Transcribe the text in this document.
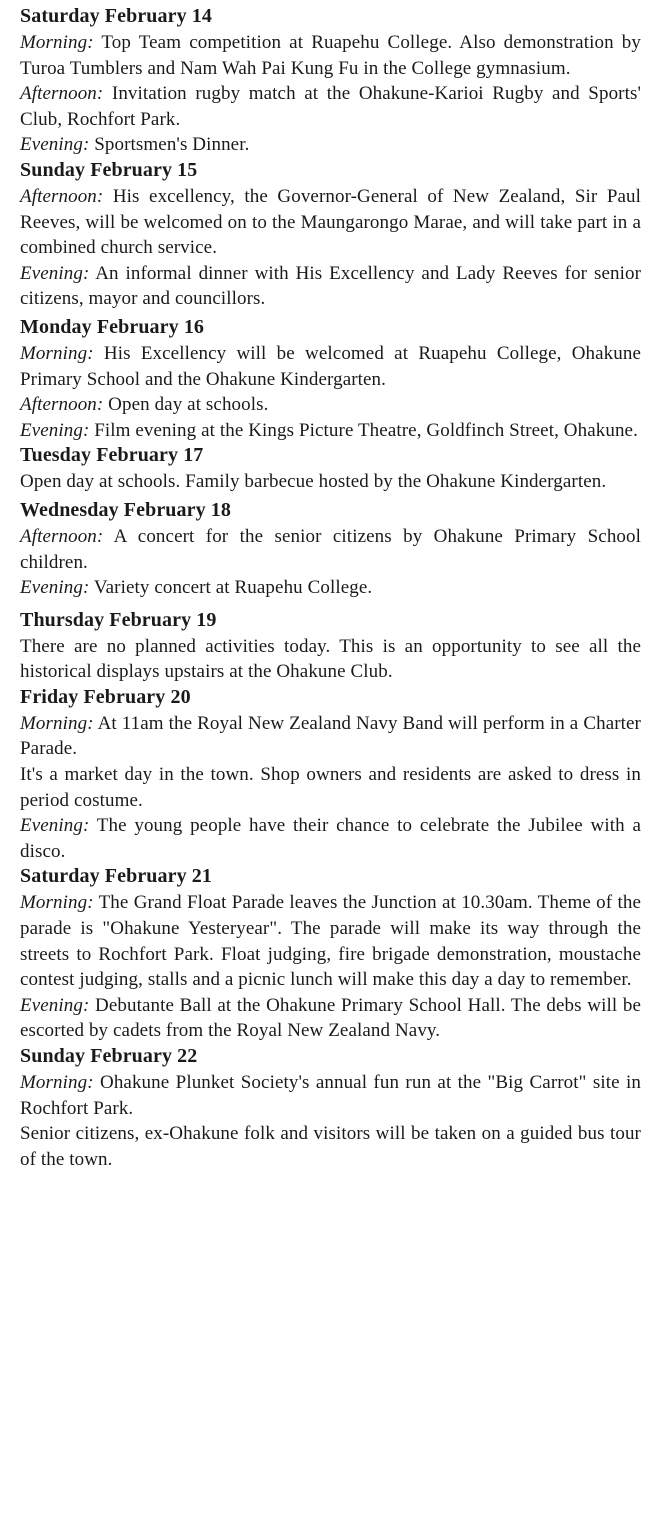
Saturday February 14

Morning: Top Team competition at Ruapehu College. Also demonstration by Turoa Tumblers and Nam Wah Pai Kung Fu in the College gymnasium.

Afternoon: Invitation rugby match at the Ohakune-Karioi Rugby and Sports' Club, Rochfort Park.

Evening: Sportsmen's Dinner.

Sunday February 15

Afternoon: His excellency, the Governor-General of New Zealand, Sir Paul Reeves, will be welcomed on to the Maungarongo Marae, and will take part in a combined church service.

Evening: An informal dinner with His Excellency and Lady Reeves for senior citizens, mayor and councillors.

Monday February 16

Morning: His Excellency will be welcomed at Ruapehu College, Ohakune Primary School and the Ohakune Kindergarten.

Afternoon: Open day at schools.

Evening: Film evening at the Kings Picture Theatre, Goldfinch Street, Ohakune.

Tuesday February 17

Open day at schools. Family barbecue hosted by the Ohakune Kindergarten.

Wednesday February 18

Afternoon: A concert for the senior citizens by Ohakune Primary School children.

Evening: Variety concert at Ruapehu College.

Thursday February 19

There are no planned activities today. This is an opportunity to see all the historical displays upstairs at the Ohakune Club.

Friday February 20

Morning: At 11am the Royal New Zealand Navy Band will perform in a Charter Parade.

It's a market day in the town. Shop owners and residents are asked to dress in period costume.

Evening: The young people have their chance to celebrate the Jubilee with a disco.

Saturday February 21

Morning: The Grand Float Parade leaves the Junction at 10.30am. Theme of the parade is "Ohakune Yesteryear". The parade will make its way through the streets to Rochfort Park. Float judging, fire brigade demonstration, moustache contest judging, stalls and a picnic lunch will make this day a day to remember.

Evening: Debutante Ball at the Ohakune Primary School Hall. The debs will be escorted by cadets from the Royal New Zealand Navy.

Sunday February 22

Morning: Ohakune Plunket Society's annual fun run at the "Big Carrot" site in Rochfort Park.

Senior citizens, ex-Ohakune folk and visitors will be taken on a guided bus tour of the town.
